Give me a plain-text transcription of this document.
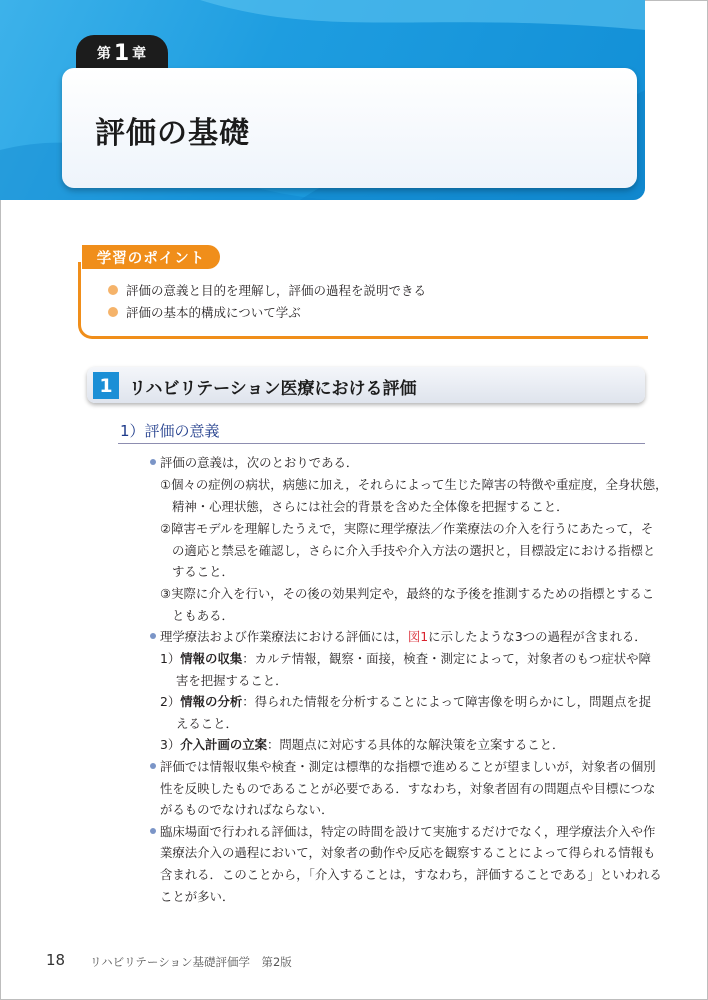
第 1 章
評価の基礎
学習のポイント
評価の意義と目的を理解し，評価の過程を説明できる
評価の基本的構成について学ぶ
1 リハビリテーション医療における評価
1）評価の意義
評価の意義は，次のとおりである．
①個々の症例の病状，病態に加え，それらによって生じた障害の特徴や重症度，全身状態，
精神・心理状態，さらには社会的背景を含めた全体像を把握すること．
②障害モデルを理解したうえで，実際に理学療法／作業療法の介入を行うにあたって，そ
の適応と禁忌を確認し，さらに介入手技や介入方法の選択と，目標設定における指標と
すること．
③実際に介入を行い，その後の効果判定や，最終的な予後を推測するための指標とするこ
ともある．
理学療法および作業療法における評価には，図1に示したような3つの過程が含まれる．
1）情報の収集：カルテ情報，観察・面接，検査・測定によって，対象者のもつ症状や障
害を把握すること．
2）情報の分析：得られた情報を分析することによって障害像を明らかにし，問題点を捉
えること．
3）介入計画の立案：問題点に対応する具体的な解決策を立案すること．
評価では情報収集や検査・測定は標準的な指標で進めることが望ましいが，対象者の個別
性を反映したものであることが必要である．すなわち，対象者固有の問題点や目標につな
がるものでなければならない．
臨床場面で行われる評価は，特定の時間を設けて実施するだけでなく，理学療法介入や作
業療法介入の過程において，対象者の動作や反応を観察することによって得られる情報も
含まれる．このことから，「介入することは，すなわち，評価することである」といわれる
ことが多い．
18 リハビリテーション基礎評価学　第2版
